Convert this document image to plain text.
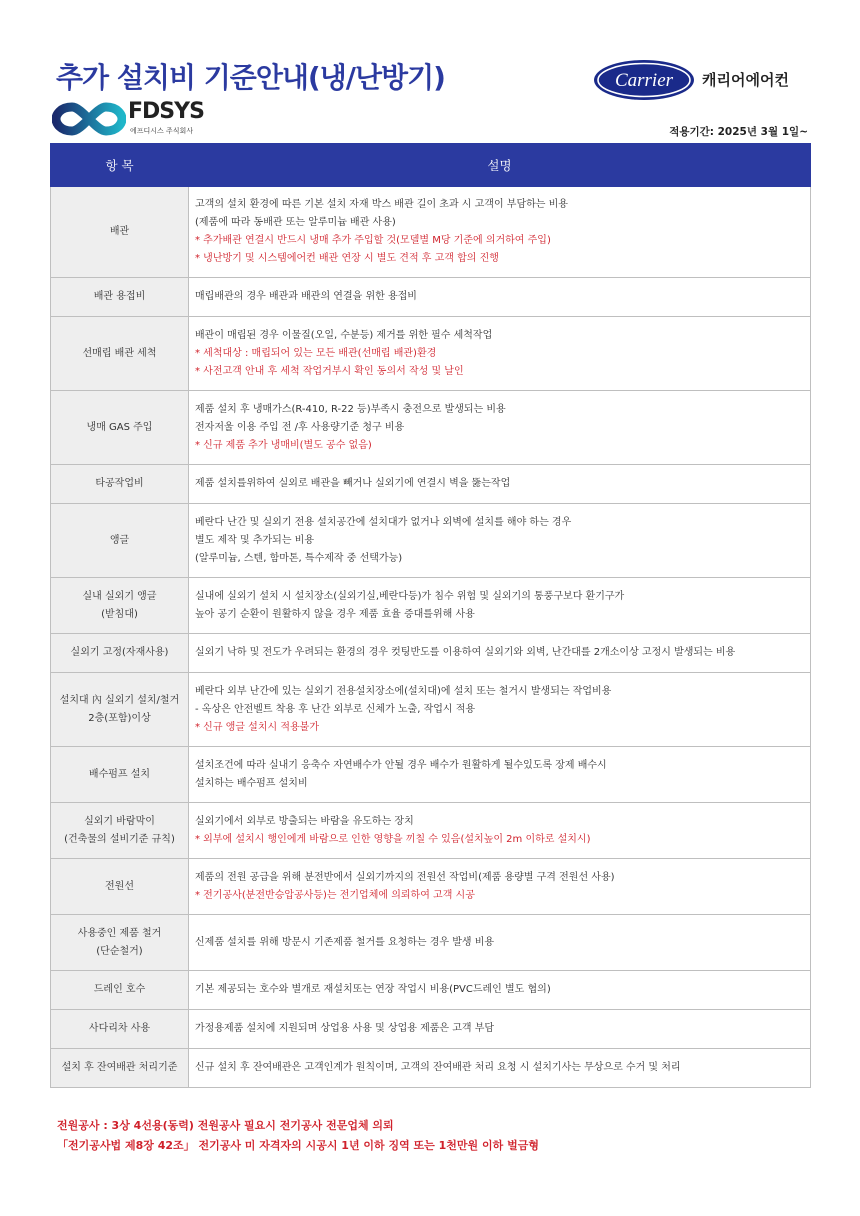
추가 설치비 기준안내(냉/난방기)
FDSYS
에프디시스 주식회사
Carrier 캐리어에어컨
적용기간: 2025년 3월 1일~
항 목	설명

배관	고객의 설치 환경에 따른 기본 설치 자재 박스 배관 길이 초과 시 고객이 부담하는 비용
(제품에 따라 동배관 또는 알루미늄 배관 사용)
* 추가배관 연결시 반드시 냉매 추가 주입할 것(모델별 M당 기준에 의거하여 주입)
* 냉난방기 및 시스템에어컨 배관 연장 시 별도 견적 후 고객 합의 진행

배관 용접비	매립배관의 경우 배관과 배관의 연결을 위한 용접비

선매립 배관 세척	배관이 매립된 경우 이물질(오일, 수분등) 제거를 위한 필수 세척작업
* 세척대상 : 매립되어 있는 모든 배관(선매립 배관)환경
* 사전고객 안내 후 세척 작업거부시 확인 동의서 작성 및 날인

냉매 GAS 주입	제품 설치 후 냉매가스(R-410, R-22 등)부족시 충전으로 발생되는 비용
전자저울 이용 주입 전 /후 사용량기준 청구 비용
* 신규 제품 추가 냉매비(별도 공수 없음)

타공작업비	제품 설치를위하여 실외로 배관을 빼거나 실외기에 연결시 벽을 뚫는작업

앵글	베란다 난간 및 실외기 전용 설치공간에 설치대가 없거나 외벽에 설치를 해야 하는 경우
별도 제작 및 추가되는 비용
(알루미늄, 스텐, 함마톤, 특수제작 중 선택가능)

실내 실외기 앵글
(받침대)	실내에 실외기 설치 시 설치장소(실외기실,베란다등)가 침수 위험 및 실외기의 통풍구보다 환기구가
높아 공기 순환이 원활하지 않을 경우 제품 효율 증대를위해 사용

실외기 고정(자재사용)	실외기 낙하 및 전도가 우려되는 환경의 경우 컷팅반도를 이용하여 실외기와 외벽, 난간대를 2개소이상 고정시 발생되는 비용

설치대 內 실외기 설치/철거
2층(포함)이상	베란다 외부 난간에 있는 실외기 전용설치장소에(설치대)에 설치 또는 철거시 발생되는 작업비용
- 옥상은 안전벨트 착용 후 난간 외부로 신체가 노출, 작업시 적용
* 신규 앵글 설치시 적용불가

배수펌프 설치	설치조건에 따라 실내기 응축수 자연배수가 안될 경우 배수가 원활하게 될수있도록 장제 배수시
설치하는 배수펌프 설치비

실외기 바람막이
(건축물의 설비기준 규칙)	실외기에서 외부로 방출되는 바람을 유도하는 장치
* 외부에 설치시 행인에게 바람으로 인한 영향을 끼칠 수 있음(설치높이 2m 이하로 설치시)

전원선	제품의 전원 공급을 위해 분전반에서 실외기까지의 전원선 작업비(제품 용량별 구격 전원선 사용)
* 전기공사(분전반승압공사등)는 전기업체에 의뢰하여 고객 시공

사용중인 제품 철거
(단순철거)	신제품 설치를 위해 방문시 기존제품 철거를 요청하는 경우 발생 비용

드레인 호수	기본 제공되는 호수와 별개로 재설치또는 연장 작업시 비용(PVC드레인 별도 협의)

사다리차 사용	가정용제품 설치에 지원되며 상업용 사용 및 상업용 제품은 고객 부담

설치 후 잔여배관 처리기준	신규 설치 후 잔여배관은 고객인계가 원칙이며, 고객의 잔여배관 처리 요청 시 설치기사는 무상으로 수거 및 처리
전원공사 : 3상 4선용(동력) 전원공사 필요시 전기공사 전문업체 의뢰
「전기공사법 제8장 42조」 전기공사 미 자격자의 시공시 1년 이하 징역 또는 1천만원 이하 벌금형
